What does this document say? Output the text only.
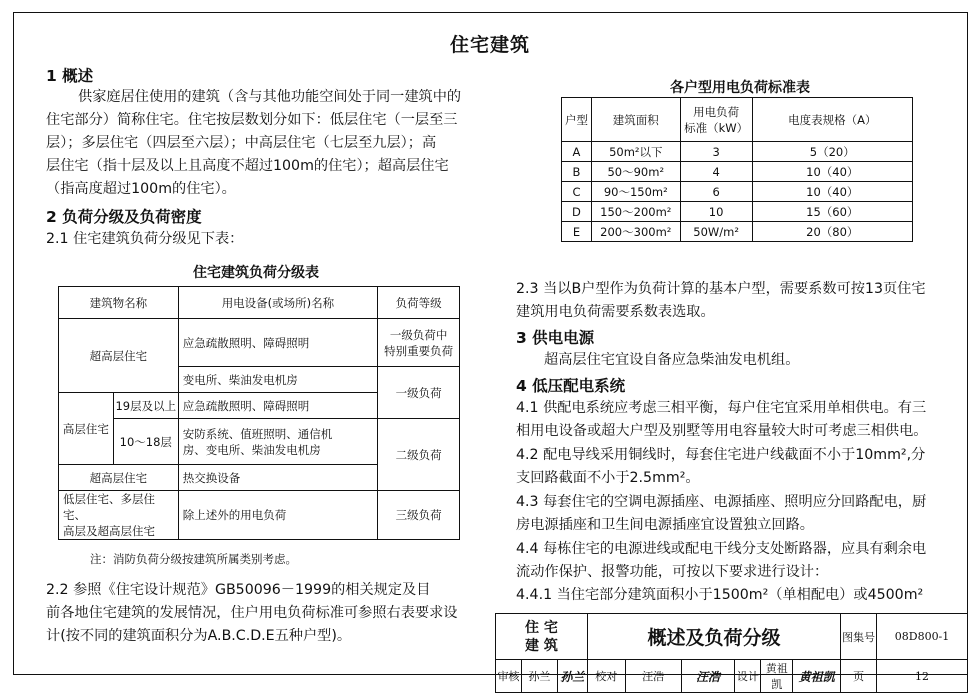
住宅建筑
1 概述
供家庭居住使用的建筑（含与其他功能空间处于同一建筑中的
住宅部分）简称住宅。住宅按层数划分如下：低层住宅（一层至三
层）；多层住宅（四层至六层）；中高层住宅（七层至九层）；高
层住宅（指十层及以上且高度不超过100m的住宅）；超高层住宅
（指高度超过100m的住宅）。
2 负荷分级及负荷密度
2.1 住宅建筑负荷分级见下表：
住宅建筑负荷分级表
建筑物名称		用电设备(或场所)名称	负荷等级
超高层住宅		应急疏散照明、障碍照明	一级负荷中
特别重要负荷

		变电所、柴油发电机房	一级负荷
高层住宅	19层及以上	应急疏散照明、障碍照明	
	10～18层	安防系统、值班照明、通信机
房、变电所、柴油发电机房	二级负荷
超高层住宅		热交换设备	

低层住宅、多层住宅、
高层及超高层住宅		除上述外的用电负荷	三级负荷
注：消防负荷分级按建筑所属类别考虑。
2.2 参照《住宅设计规范》GB50096－1999的相关规定及目
前各地住宅建筑的发展情况，住户用电负荷标准可参照右表要求设
计(按不同的建筑面积分为A.B.C.D.E五种户型)。
各户型用电负荷标准表
户型	建筑面积	用电负荷
标准（kW）	电度表规格（A）
A	50m²以下	3	5（20）
B	50～90m²	4	10（40）
C	90～150m²	6	10（40）
D	150～200m²	10	15（60）
E	200～300m²	50W/m²	20（80）
2.3 当以B户型作为负荷计算的基本户型，需要系数可按13页住宅
建筑用电负荷需要系数表选取。
3 供电电源
超高层住宅宜设自备应急柴油发电机组。
4 低压配电系统
4.1 供配电系统应考虑三相平衡，每户住宅宜采用单相供电。有三
相用电设备或超大户型及别墅等用电容量较大时可考虑三相供电。
4.2 配电导线采用铜线时，每套住宅进户线截面不小于10mm²,分
支回路截面不小于2.5mm²。
4.3 每套住宅的空调电源插座、电源插座、照明应分回路配电，厨
房电源插座和卫生间电源插座宜设置独立回路。
4.4 每栋住宅的电源进线或配电干线分支处断路器，应具有剩余电
流动作保护、报警功能，可按以下要求进行设计：
4.4.1 当住宅部分建筑面积小于1500m²（单相配电）或4500m²
住 宅
建 筑			概述及负荷分级						图集号	08D800-1
审核	孙兰	孙兰	校对	汪浩	汪浩	设计	黄祖凯	黄祖凯	页	12
